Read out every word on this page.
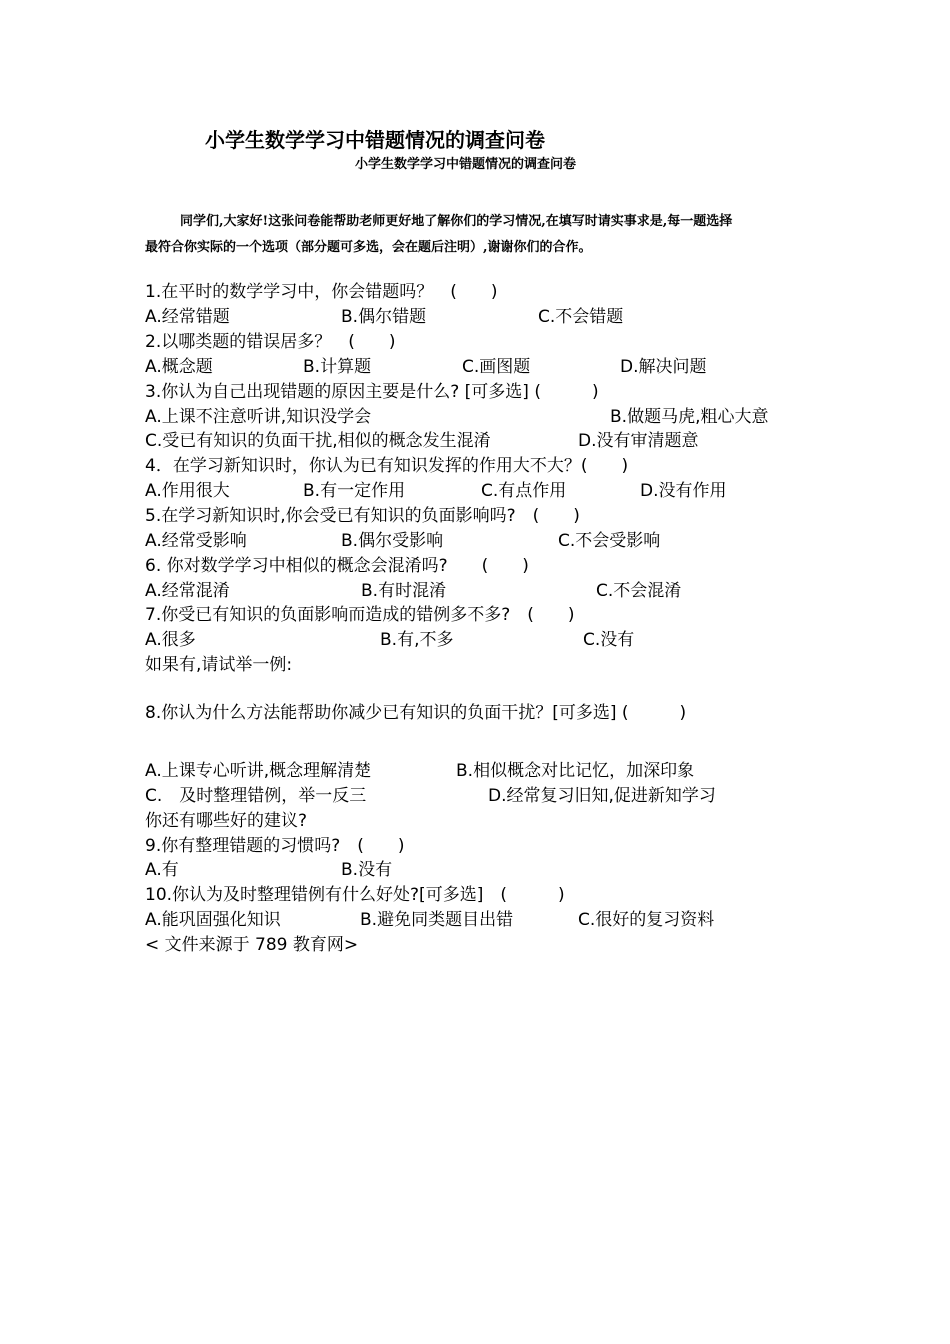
小学生数学学习中错题情况的调查问卷
小学生数学学习中错题情况的调查问卷
同学们,大家好!这张问卷能帮助老师更好地了解你们的学习情况,在填写时请实事求是,每一题选择
最符合你实际的一个选项（部分题可多选，会在题后注明）,谢谢你们的合作。
1.在平时的数学学习中，你会错题吗？　(　　)
A.经常错题	B.偶尔错题	C.不会错题
2.以哪类题的错误居多？　(　　)
A.概念题	B.计算题	C.画图题	D.解决问题
3.你认为自己出现错题的原因主要是什么? [可多选] (　　　)
A.上课不注意听讲,知识没学会	B.做题马虎,粗心大意
C.受已有知识的负面干扰,相似的概念发生混淆	D.没有审清题意
4．在学习新知识时，你认为已有知识发挥的作用大不大？(　　)
A.作用很大	B.有一定作用	C.有点作用	D.没有作用
5.在学习新知识时,你会受已有知识的负面影响吗?　(　　)
A.经常受影响	B.偶尔受影响	C.不会受影响
6. 你对数学学习中相似的概念会混淆吗?　　(　　)
A.经常混淆	B.有时混淆	C.不会混淆
7.你受已有知识的负面影响而造成的错例多不多?　(　　)
A.很多	B.有,不多	C.没有
如果有,请试举一例:
8.你认为什么方法能帮助你减少已有知识的负面干扰？[可多选] (　　　)
A.上课专心听讲,概念理解清楚	B.相似概念对比记忆，加深印象
C.　及时整理错例，举一反三	D.经常复习旧知,促进新知学习
你还有哪些好的建议?
9.你有整理错题的习惯吗?　(　　)
A.有	B.没有
10.你认为及时整理错例有什么好处?[可多选]　(　　　)
A.能巩固强化知识	B.避免同类题目出错	C.很好的复习资料
< 文件来源于 789 教育网>
